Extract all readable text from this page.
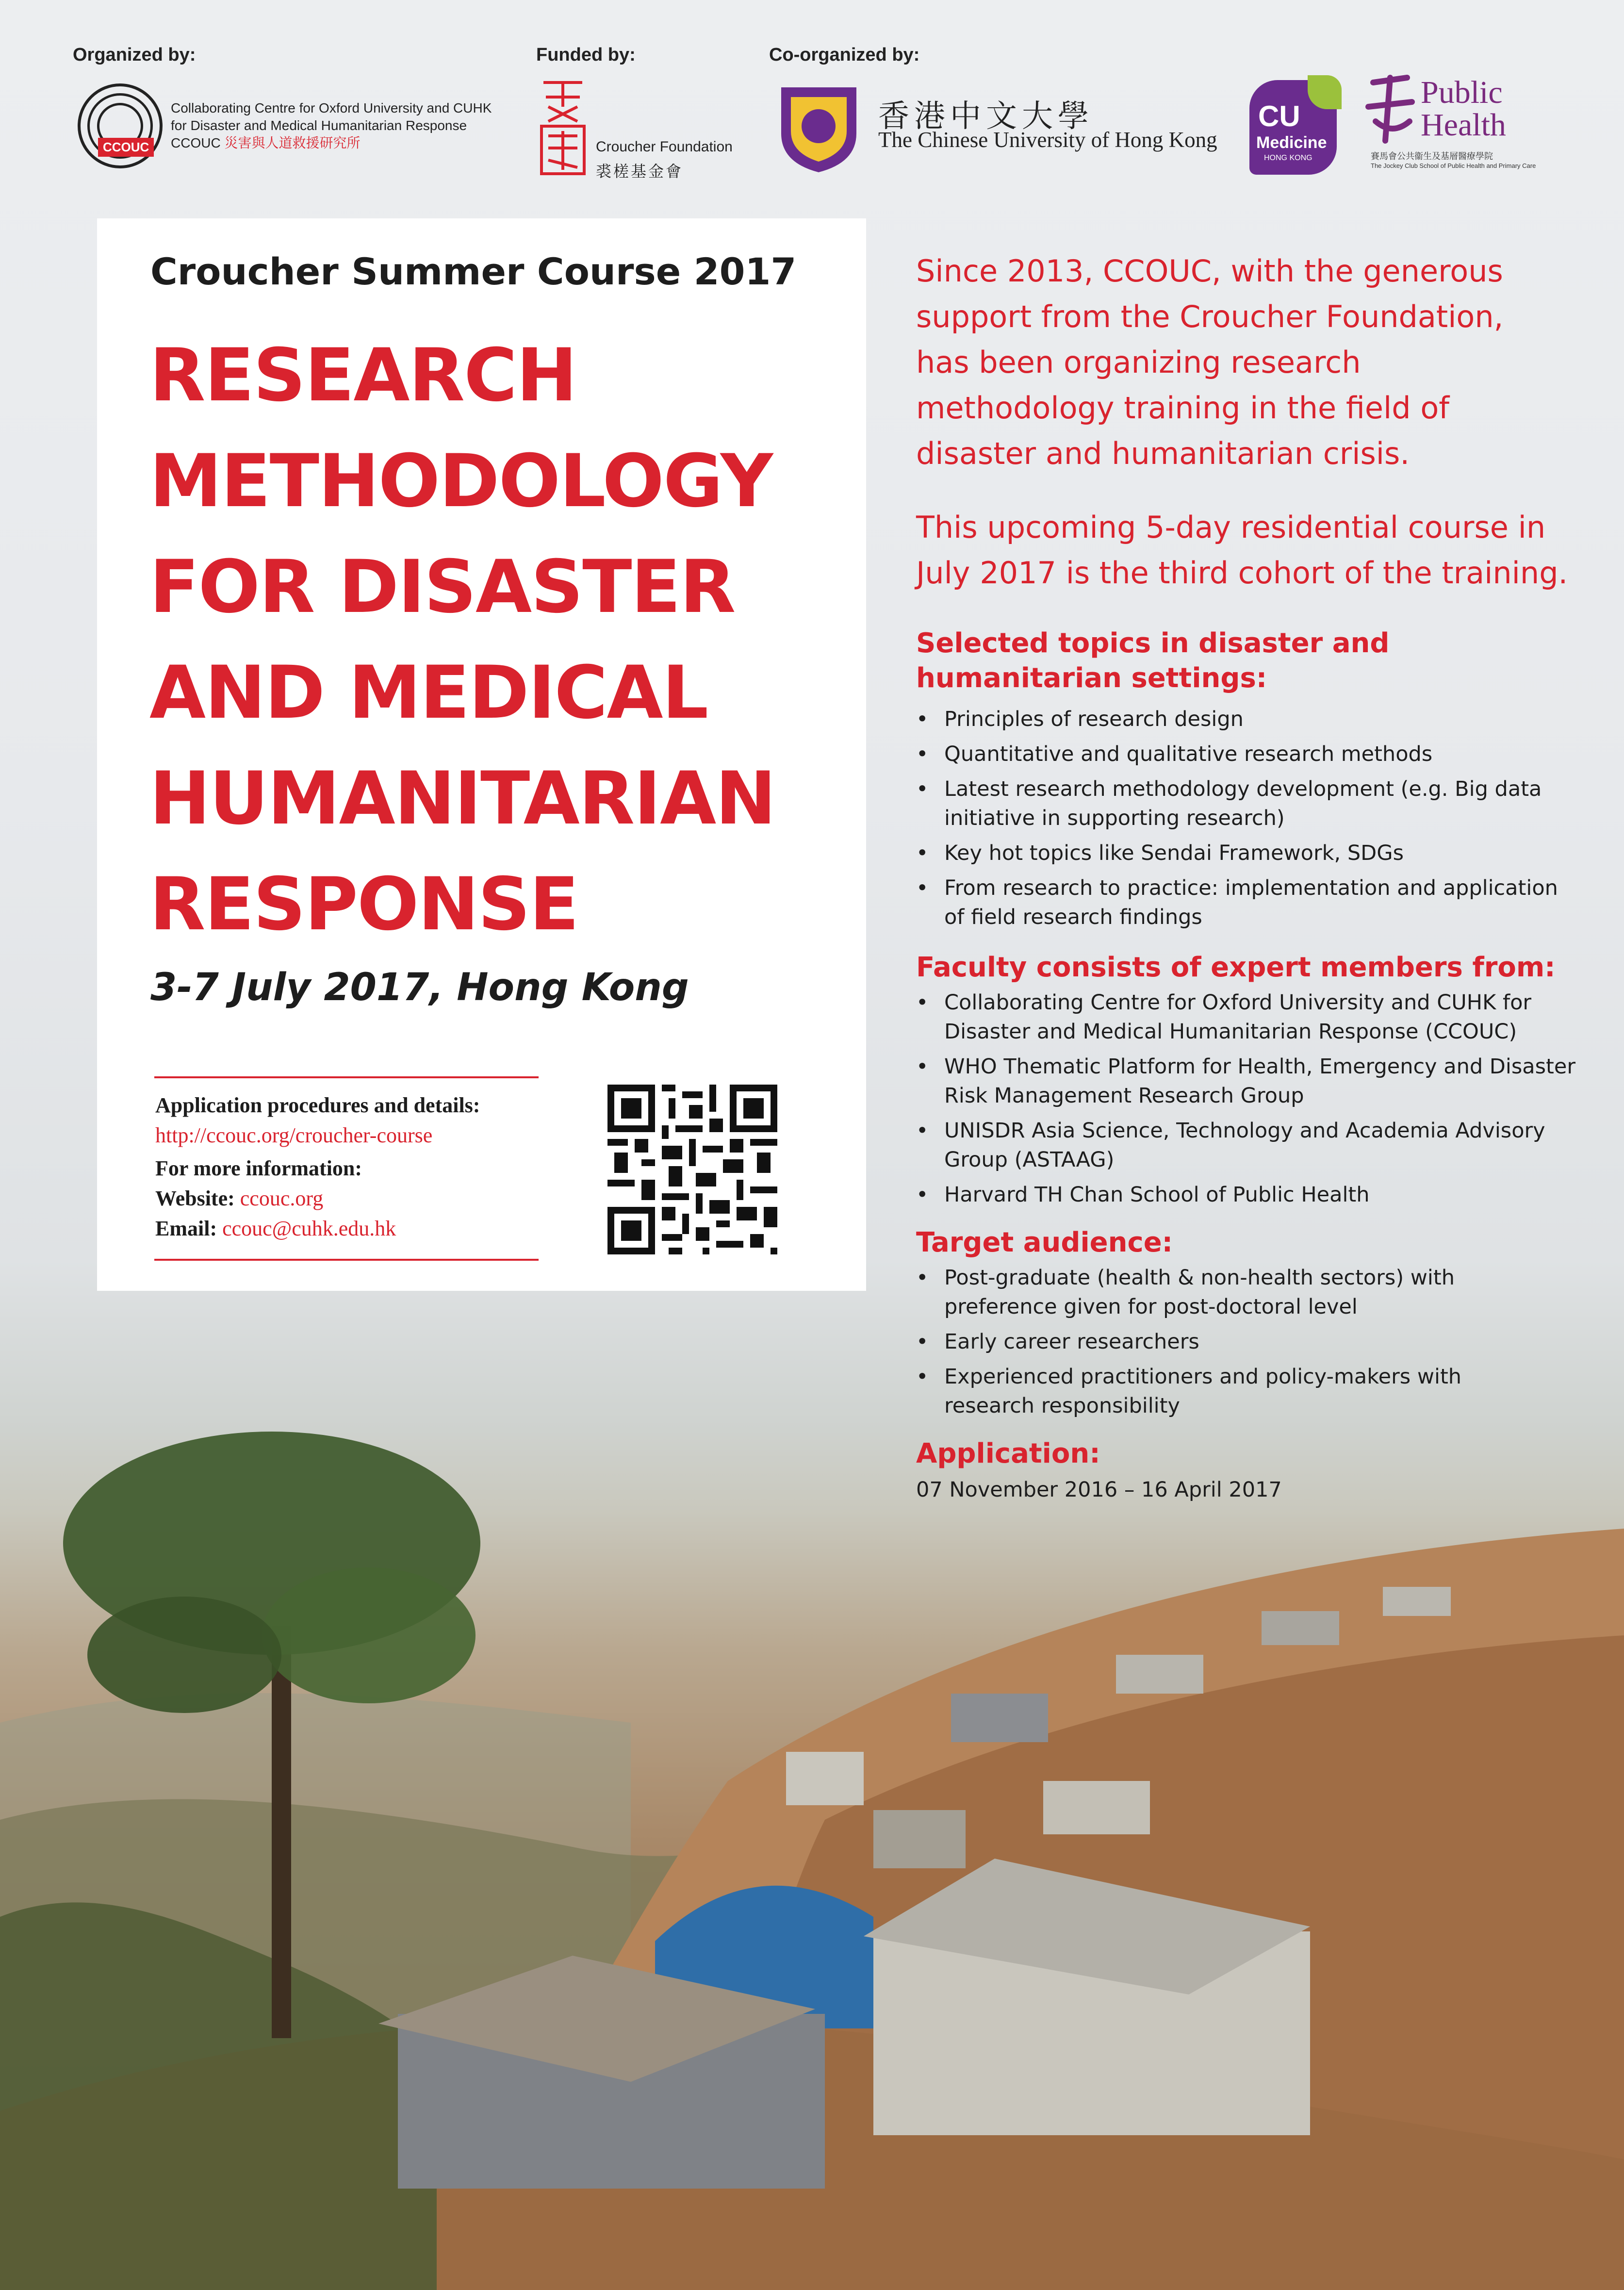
Organized by:	Funded by:	Co-organized by:
CCOUC
Collaborating Centre for Oxford University and CUHK
for Disaster and Medical Humanitarian Response
CCOUC 災害與人道救援研究所	Croucher Foundation
裘槎基金會
香港中文大學
The Chinese University of Hong Kong
CU
Medicine
HONG KONG
Public
Health
賽馬會公共衞生及基層醫療學院
The Jockey Club School of Public Health and Primary Care
Croucher Summer Course 2017
RESEARCH
METHODOLOGY
FOR DISASTER
AND MEDICAL
HUMANITARIAN
RESPONSE
3-7 July 2017, Hong Kong
Application procedures and details:
http://ccouc.org/croucher-course
For more information:
Website: ccouc.org
Email: ccouc@cuhk.edu.hk
Since 2013, CCOUC, with the generous
support from the Croucher Foundation,
has been organizing research
methodology training in the field of
disaster and humanitarian crisis.
This upcoming 5-day residential course in
July 2017 is the third cohort of the training.
Selected topics in disaster and
humanitarian settings:
• Principles of research design
• Quantitative and qualitative research methods
• Latest research methodology development (e.g. Big data
initiative in supporting research)
• Key hot topics like Sendai Framework, SDGs
• From research to practice: implementation and application
of field research findings
Faculty consists of expert members from:
• Collaborating Centre for Oxford University and CUHK for
Disaster and Medical Humanitarian Response (CCOUC)
• WHO Thematic Platform for Health, Emergency and Disaster
Risk Management Research Group
• UNISDR Asia Science, Technology and Academia Advisory
Group (ASTAAG)
• Harvard TH Chan School of Public Health
Target audience:
• Post-graduate (health & non-health sectors) with
preference given for post-doctoral level
• Early career researchers
• Experienced practitioners and policy-makers with
research responsibility
Application:
07 November 2016 – 16 April 2017
